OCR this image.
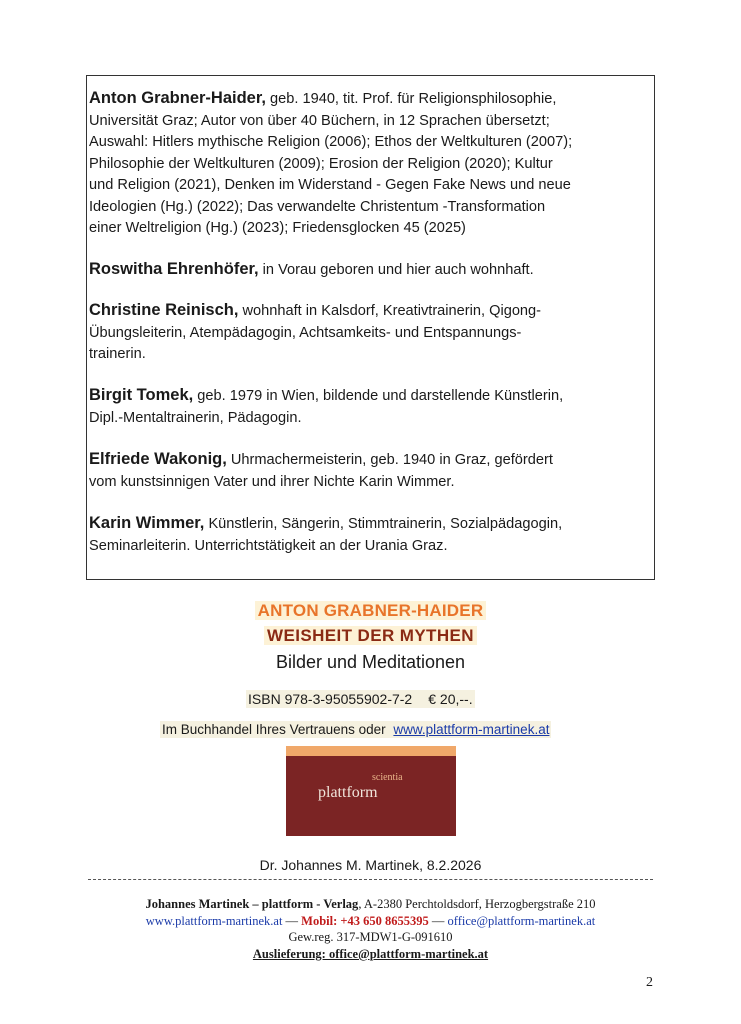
Anton Grabner-Haider, geb. 1940, tit. Prof. für Religionsphilosophie,
Universität Graz; Autor von über 40 Büchern, in 12 Sprachen übersetzt;
Auswahl: Hitlers mythische Religion (2006); Ethos der Weltkulturen (2007);
Philosophie der Weltkulturen (2009); Erosion der Religion (2020); Kultur
und Religion (2021), Denken im Widerstand - Gegen Fake News und neue
Ideologien (Hg.) (2022); Das verwandelte Christentum -Transformation
einer Weltreligion (Hg.) (2023); Friedensglocken 45 (2025)
Roswitha Ehrenhöfer, in Vorau geboren und hier auch wohnhaft.
Christine Reinisch, wohnhaft in Kalsdorf, Kreativtrainerin, Qigong-
Übungsleiterin, Atempädagogin, Achtsamkeits- und Entspannungs-
trainerin.
Birgit Tomek, geb. 1979 in Wien, bildende und darstellende Künstlerin,
Dipl.-Mentaltrainerin, Pädagogin.
Elfriede Wakonig, Uhrmachermeisterin, geb. 1940 in Graz, gefördert
vom kunstsinnigen Vater und ihrer Nichte Karin Wimmer.
Karin Wimmer, Künstlerin, Sängerin, Stimmtrainerin, Sozialpädagogin,
Seminarleiterin. Unterrichtstätigkeit an der Urania Graz.
ANTON GRABNER-HAIDER
WEISHEIT DER MYTHEN
Bilder und Meditationen
ISBN 978-3-95055902-7-2 € 20,--.
Im Buchhandel Ihres Vertrauens oder www.plattform-martinek.at
scientia
plattform
Dr. Johannes M. Martinek, 8.2.2026
Johannes Martinek – plattform - Verlag, A-2380 Perchtoldsdorf, Herzogbergstraße 210
www.plattform-martinek.at — Mobil: +43 650 8655395 — office@plattform-martinek.at
Gew.reg. 317-MDW1-G-091610
Auslieferung: office@plattform-martinek.at
2
